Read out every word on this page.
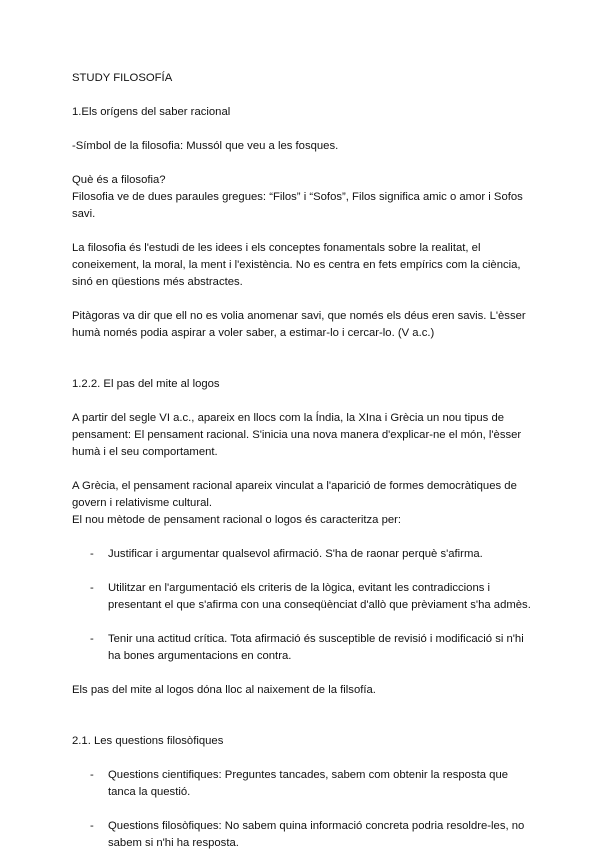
STUDY FILOSOFÍA

1.Els orígens del saber racional

-Símbol de la filosofia: Mussól que veu a les fosques.

Què és a filosofia?

Filosofia ve de dues paraules gregues: “Filos” i “Sofos”, Filos significa amic o amor i Sofos savi.

La filosofia és l'estudi de les idees i els conceptes fonamentals sobre la realitat, el coneixement, la moral, la ment i l'existència. No es centra en fets empírics com la ciència, sinó en qüestions més abstractes.

Pitàgoras va dir que ell no es volia anomenar savi, que només els déus eren savis. L'èsser humà només podia aspirar a voler saber, a estimar-lo i cercar-lo. (V a.c.)

1.2.2. El pas del mite al logos

A partir del segle VI a.c., apareix en llocs com la Índia, la XIna i Grècia un nou tipus de pensament: El pensament racional. S'inicia una nova manera d'explicar-ne el món, l'èsser humà i el seu comportament.

A Grècia, el pensament racional apareix vinculat a l'aparició de formes democràtiques de govern i relativisme cultural.

El nou mètode de pensament racional o logos és caracteritza per:

- Justificar i argumentar qualsevol afirmació. S'ha de raonar perquè s'afirma.
- Utilitzar en l'argumentació els criteris de la lògica, evitant les contradiccions i presentant el que s'afirma con una conseqüènciat d'allò que prèviament s'ha admès.
- Tenir una actitud crítica. Tota afirmació és susceptible de revisió i modificació si n'hi ha bones argumentacions en contra.

Els pas del mite al logos dóna lloc al naixement de la filsofía.

2.1. Les questions filosòfiques

- Questions cientifiques: Preguntes tancades, sabem com obtenir la resposta que tanca la questió.
- Questions filosòfiques: No sabem quina informació concreta podria resoldre-les, no sabem si n'hi ha resposta.
